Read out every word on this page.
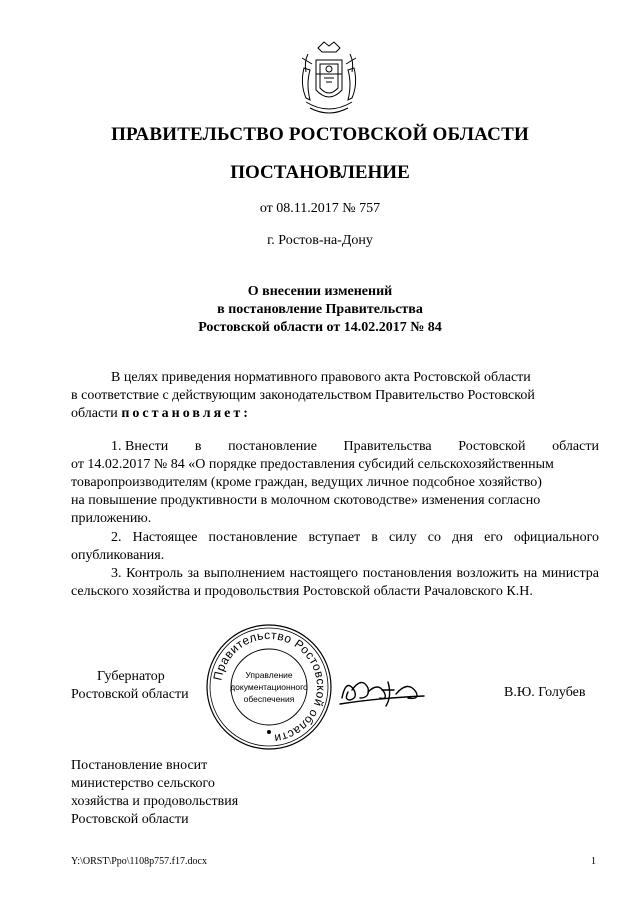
ПРАВИТЕЛЬСТВО РОСТОВСКОЙ ОБЛАСТИ
ПОСТАНОВЛЕНИЕ
от 08.11.2017 № 757
г. Ростов-на-Дону
О внесении изменений
в постановление Правительства
Ростовской области от 14.02.2017 № 84
В целях приведения нормативного правового акта Ростовской области
в соответствие с действующим законодательством Правительство Ростовской
области постановляет:
1. Внести в постановление Правительства Ростовской области
от 14.02.2017 № 84 «О порядке предоставления субсидий сельскохозяйственным
товаропроизводителям (кроме граждан, ведущих личное подсобное хозяйство)
на повышение продуктивности в молочном скотоводстве» изменения согласно
приложению.
2. Настоящее постановление вступает в силу со дня его официального опубликования.
3. Контроль за выполнением настоящего постановления возложить на министра сельского хозяйства и продовольствия Ростовской области Рачаловского К.Н.
Губернатор
Ростовской области
Правительство Ростовской области
Управление
документационного
обеспечения	В.Ю. Голубев
Постановление вносит
министерство сельского
хозяйства и продовольствия
Ростовской области
Y:\ORST\Ppo\1108p757.f17.docx	1
